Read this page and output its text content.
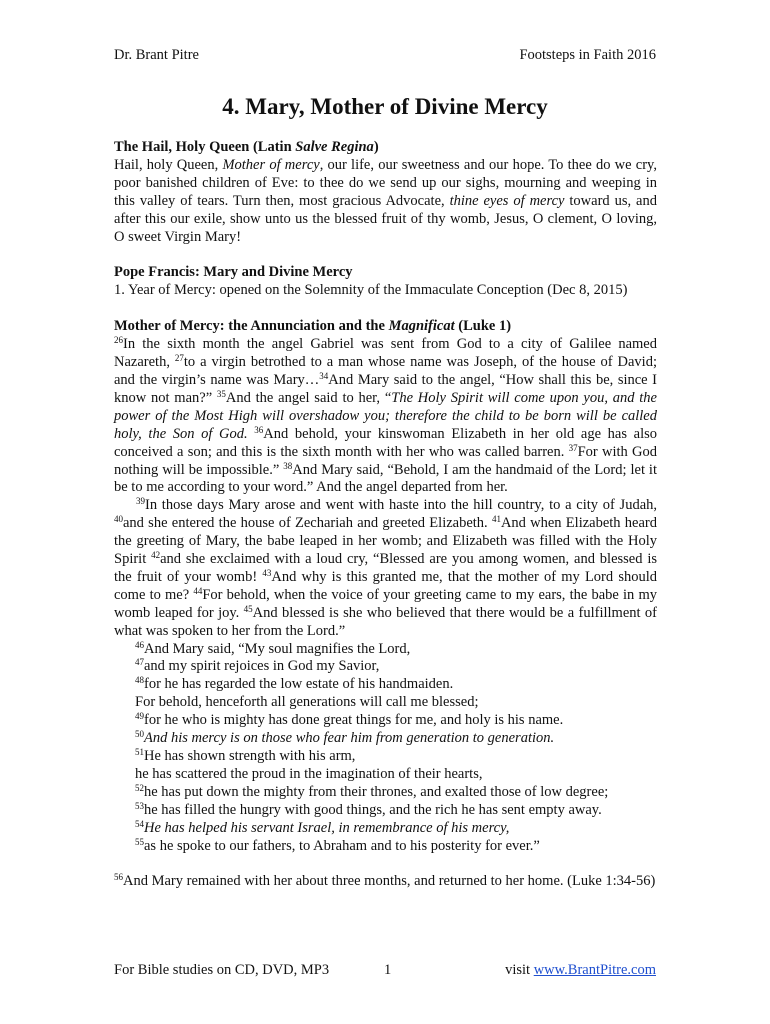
Dr. Brant Pitre	Footsteps in Faith 2016
4. Mary, Mother of Divine Mercy

The Hail, Holy Queen (Latin Salve Regina)

Hail, holy Queen, Mother of mercy, our life, our sweetness and our hope. To thee do we cry, poor banished children of Eve: to thee do we send up our sighs, mourning and weeping in this valley of tears. Turn then, most gracious Advocate, thine eyes of mercy toward us, and after this our exile, show unto us the blessed fruit of thy womb, Jesus, O clement, O loving, O sweet Virgin Mary!

Pope Francis: Mary and Divine Mercy

1. Year of Mercy: opened on the Solemnity of the Immaculate Conception (Dec 8, 2015)

Mother of Mercy: the Annunciation and the Magnificat (Luke 1)

$^{26}$In the sixth month the angel Gabriel was sent from God to a city of Galilee named Nazareth, $^{27}$to a virgin betrothed to a man whose name was Joseph, of the house of David; and the virgin’s name was Mary…$^{34}$And Mary said to the angel, “How shall this be, since I know not man?” $^{35}$And the angel said to her, “The Holy Spirit will come upon you, and the power of the Most High will overshadow you; therefore the child to be born will be called holy, the Son of God. $^{36}$And behold, your kinswoman Elizabeth in her old age has also conceived a son; and this is the sixth month with her who was called barren. $^{37}$For with God nothing will be impossible.” $^{38}$And Mary said, “Behold, I am the handmaid of the Lord; let it be to me according to your word.” And the angel departed from her.

$^{39}$In those days Mary arose and went with haste into the hill country, to a city of Judah, $^{40}$and she entered the house of Zechariah and greeted Elizabeth. $^{41}$And when Elizabeth heard the greeting of Mary, the babe leaped in her womb; and Elizabeth was filled with the Holy Spirit $^{42}$and she exclaimed with a loud cry, “Blessed are you among women, and blessed is the fruit of your womb! $^{43}$And why is this granted me, that the mother of my Lord should come to me? $^{44}$For behold, when the voice of your greeting came to my ears, the babe in my womb leaped for joy. $^{45}$And blessed is she who believed that there would be a fulfillment of what was spoken to her from the Lord.”

$^{46}$And Mary said, “My soul magnifies the Lord,

$^{47}$and my spirit rejoices in God my Savior,

$^{48}$for he has regarded the low estate of his handmaiden.

For behold, henceforth all generations will call me blessed;

$^{49}$for he who is mighty has done great things for me, and holy is his name.

$^{50}$And his mercy is on those who fear him from generation to generation.

$^{51}$He has shown strength with his arm,

he has scattered the proud in the imagination of their hearts,

$^{52}$he has put down the mighty from their thrones, and exalted those of low degree;

$^{53}$he has filled the hungry with good things, and the rich he has sent empty away.

$^{54}$He has helped his servant Israel, in remembrance of his mercy,

$^{55}$as he spoke to our fathers, to Abraham and to his posterity for ever.”

$^{56}$And Mary remained with her about three months, and returned to her home. (Luke 1:34-56)

For Bible studies on CD, DVD, MP3	1	visit www.BrantPitre.com
